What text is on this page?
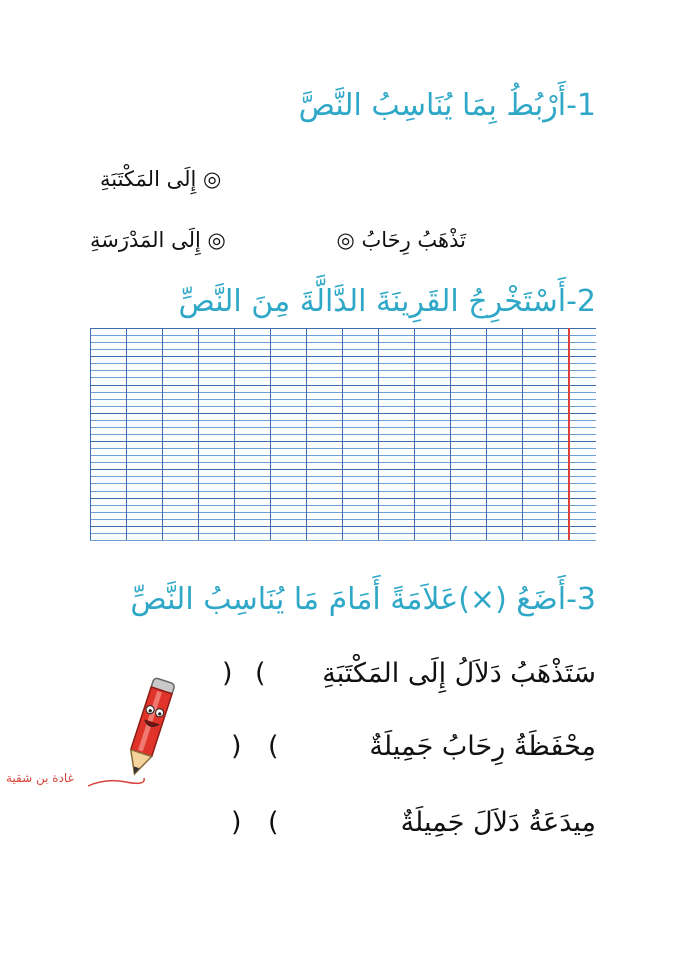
1-أَرْبُطُ بِمَا يُنَاسِبُ النَّصَّ
◎ إِلَى المَكْتَبَةِ
تَذْهَبُ رِحَابُ ◎
◎ إِلَى المَدْرَسَةِ
2-أَسْتَخْرِجُ القَرِينَةَ الدَّالَّةَ مِنَ النَّصِّ
3-أَضَعُ (×)عَلاَمَةً أَمَامَ مَا يُنَاسِبُ النَّصِّ
سَتَذْهَبُ دَلاَلُ إِلَى المَكْتَبَةِ
(
)
مِحْفَظَةُ رِحَابُ جَمِيلَةٌ
(
)
مِيدَعَةُ دَلاَلَ جَمِيلَةٌ
(
)
غادة بن شقية
